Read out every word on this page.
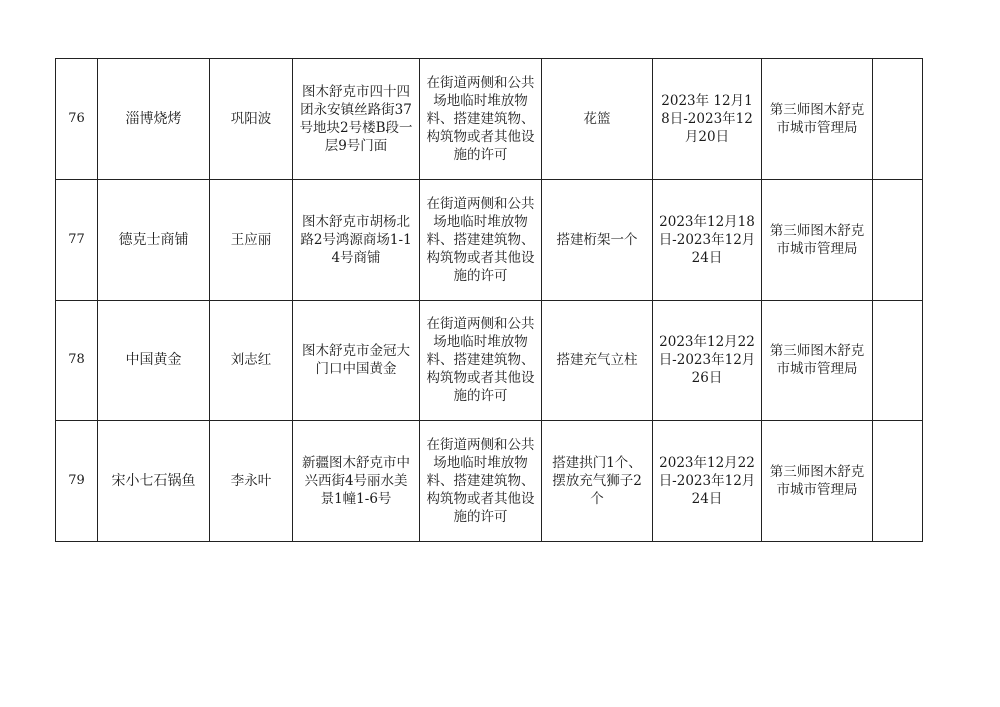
76	淄博烧烤	巩阳波	图木舒克市四十四团永安镇丝路街37号地块2号楼B段一层9号门面	在街道两侧和公共场地临时堆放物料、搭建建筑物、构筑物或者其他设施的许可	花篮	2023年 12月18日-2023年12月20日	第三师图木舒克市城市管理局	
77	德克士商铺	王应丽	图木舒克市胡杨北路2号鸿源商场1-14号商铺	在街道两侧和公共场地临时堆放物料、搭建建筑物、构筑物或者其他设施的许可	搭建桁架一个	2023年12月18日-2023年12月24日	第三师图木舒克市城市管理局	
78	中国黄金	刘志红	图木舒克市金冠大门口中国黄金	在街道两侧和公共场地临时堆放物料、搭建建筑物、构筑物或者其他设施的许可	搭建充气立柱	2023年12月22日-2023年12月26日	第三师图木舒克市城市管理局	
79	宋小七石锅鱼	李永叶	新疆图木舒克市中兴西街4号丽水美景1幢1-6号	在街道两侧和公共场地临时堆放物料、搭建建筑物、构筑物或者其他设施的许可	搭建拱门1个、摆放充气狮子2个	2023年12月22日-2023年12月24日	第三师图木舒克市城市管理局	
